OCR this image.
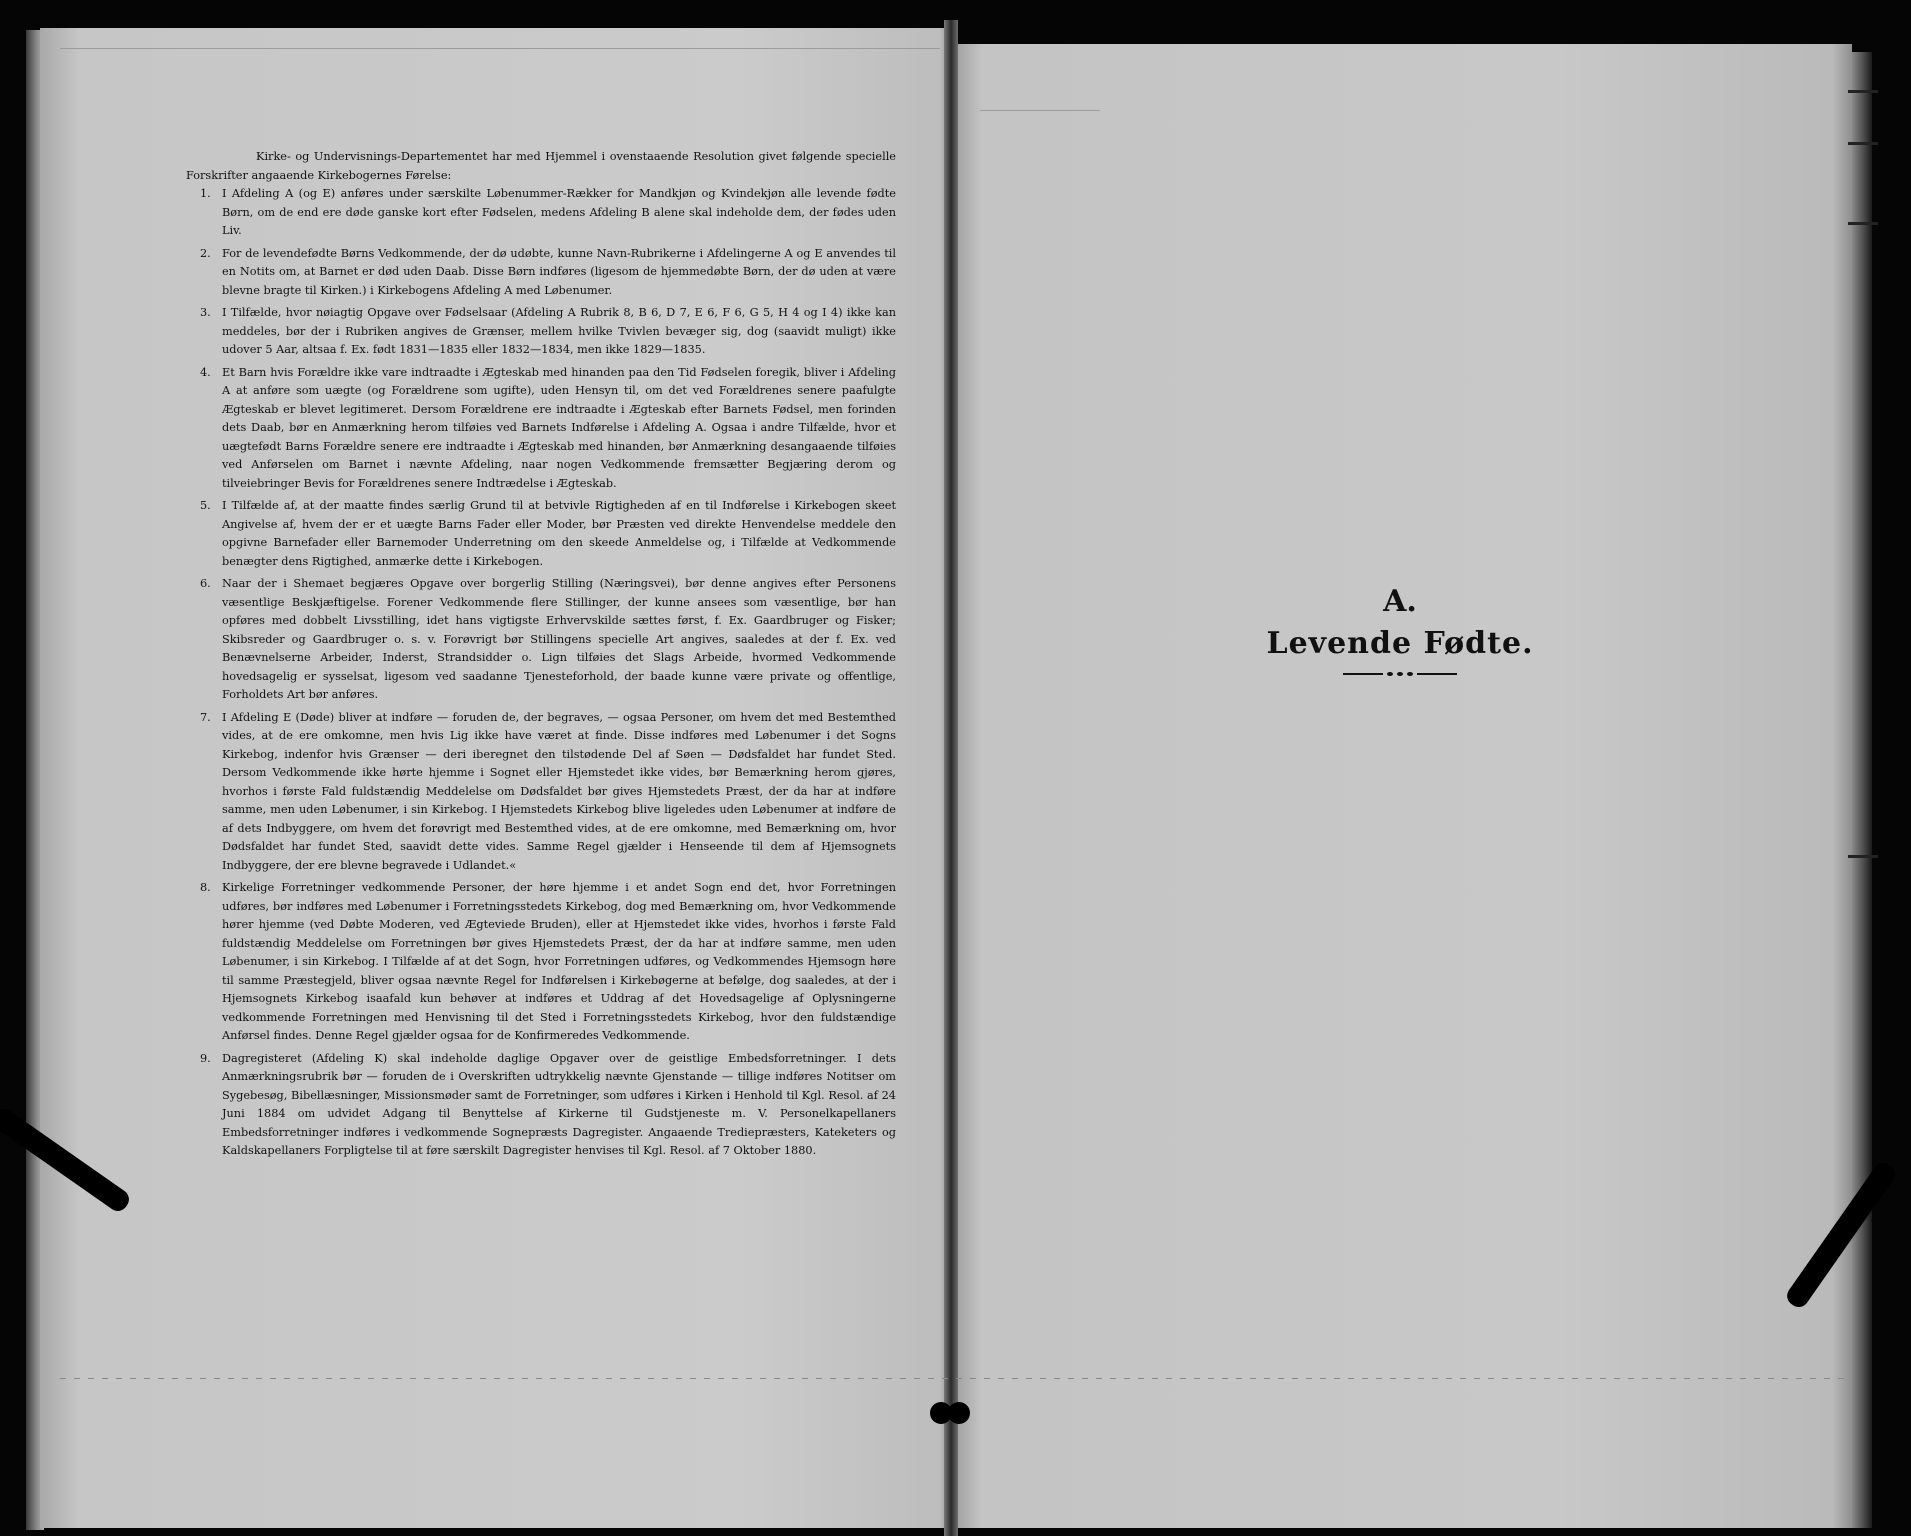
Kirke- og Undervisnings-Departementet har med Hjemmel i ovenstaaende Resolution givet følgende specielle Forskrifter angaaende Kirkebogernes Førelse:

1. I Afdeling A (og E) anføres under særskilte Løbenummer-Rækker for Mandkjøn og Kvindekjøn alle levende fødte Børn, om de end ere døde ganske kort efter Fødselen, medens Afdeling B alene skal indeholde dem, der fødes uden Liv.
2. For de levendefødte Børns Vedkommende, der dø udøbte, kunne Navn-Rubrikerne i Afdelingerne A og E anvendes til en Notits om, at Barnet er død uden Daab. Disse Børn indføres (ligesom de hjemmedøbte Børn, der dø uden at være blevne bragte til Kirken.) i Kirkebogens Afdeling A med Løbenumer.
3. I Tilfælde, hvor nøiagtig Opgave over Fødselsaar (Afdeling A Rubrik 8, B 6, D 7, E 6, F 6, G 5, H 4 og I 4) ikke kan meddeles, bør der i Rubriken angives de Grænser, mellem hvilke Tvivlen bevæger sig, dog (saavidt muligt) ikke udover 5 Aar, altsaa f. Ex. født 1831—1835 eller 1832—1834, men ikke 1829—1835.
4. Et Barn hvis Forældre ikke vare indtraadte i Ægteskab med hinanden paa den Tid Fødselen foregik, bliver i Afdeling A at anføre som uægte (og Forældrene som ugifte), uden Hensyn til, om det ved Forældrenes senere paafulgte Ægteskab er blevet legitimeret. Dersom Forældrene ere indtraadte i Ægteskab efter Barnets Fødsel, men forinden dets Daab, bør en Anmærkning herom tilføies ved Barnets Indførelse i Afdeling A. Ogsaa i andre Tilfælde, hvor et uægtefødt Barns Forældre senere ere indtraadte i Ægteskab med hinanden, bør Anmærkning desangaaende tilføies ved Anførselen om Barnet i nævnte Afdeling, naar nogen Vedkommende fremsætter Begjæring derom og tilveiebringer Bevis for Forældrenes senere Indtrædelse i Ægteskab.
5. I Tilfælde af, at der maatte findes særlig Grund til at betvivle Rigtigheden af en til Indførelse i Kirkebogen skeet Angivelse af, hvem der er et uægte Barns Fader eller Moder, bør Præsten ved direkte Henvendelse meddele den opgivne Barnefader eller Barnemoder Underretning om den skeede Anmeldelse og, i Tilfælde at Vedkommende benægter dens Rigtighed, anmærke dette i Kirkebogen.
6. Naar der i Shemaet begjæres Opgave over borgerlig Stilling (Næringsvei), bør denne angives efter Personens væsentlige Beskjæftigelse. Forener Vedkommende flere Stillinger, der kunne ansees som væsentlige, bør han opføres med dobbelt Livsstilling, idet hans vigtigste Erhvervskilde sættes først, f. Ex. Gaardbruger og Fisker; Skibsreder og Gaardbruger o. s. v. Forøvrigt bør Stillingens specielle Art angives, saaledes at der f. Ex. ved Benævnelserne Arbeider, Inderst, Strandsidder o. Lign tilføies det Slags Arbeide, hvormed Vedkommende hovedsagelig er sysselsat, ligesom ved saadanne Tjenesteforhold, der baade kunne være private og offentlige, Forholdets Art bør anføres.
7. I Afdeling E (Døde) bliver at indføre — foruden de, der begraves, — ogsaa Personer, om hvem det med Bestemthed vides, at de ere omkomne, men hvis Lig ikke have været at finde. Disse indføres med Løbenumer i det Sogns Kirkebog, indenfor hvis Grænser — deri iberegnet den tilstødende Del af Søen — Dødsfaldet har fundet Sted. Dersom Vedkommende ikke hørte hjemme i Sognet eller Hjemstedet ikke vides, bør Bemærkning herom gjøres, hvorhos i første Fald fuldstændig Meddelelse om Dødsfaldet bør gives Hjemstedets Præst, der da har at indføre samme, men uden Løbenumer, i sin Kirkebog. I Hjemstedets Kirkebog blive ligeledes uden Løbenumer at indføre de af dets Indbyggere, om hvem det forøvrigt med Bestemthed vides, at de ere omkomne, med Bemærkning om, hvor Dødsfaldet har fundet Sted, saavidt dette vides. Samme Regel gjælder i Henseende til dem af Hjemsognets Indbyggere, der ere blevne begravede i Udlandet.«
8. Kirkelige Forretninger vedkommende Personer, der høre hjemme i et andet Sogn end det, hvor Forretningen udføres, bør indføres med Løbenumer i Forretningsstedets Kirkebog, dog med Bemærkning om, hvor Vedkommende hører hjemme (ved Døbte Moderen, ved Ægteviede Bruden), eller at Hjemstedet ikke vides, hvorhos i første Fald fuldstændig Meddelelse om Forretningen bør gives Hjemstedets Præst, der da har at indføre samme, men uden Løbenumer, i sin Kirkebog. I Tilfælde af at det Sogn, hvor Forretningen udføres, og Vedkommendes Hjemsogn høre til samme Præstegjeld, bliver ogsaa nævnte Regel for Indførelsen i Kirkebøgerne at befølge, dog saaledes, at der i Hjemsognets Kirkebog isaafald kun behøver at indføres et Uddrag af det Hovedsagelige af Oplysningerne vedkommende Forretningen med Henvisning til det Sted i Forretningsstedets Kirkebog, hvor den fuldstændige Anførsel findes. Denne Regel gjælder ogsaa for de Konfirmeredes Vedkommende.
9. Dagregisteret (Afdeling K) skal indeholde daglige Opgaver over de geistlige Embedsforretninger. I dets Anmærkningsrubrik bør — foruden de i Overskriften udtrykkelig nævnte Gjenstande — tillige indføres Notitser om Sygebesøg, Bibellæsninger, Missionsmøder samt de Forretninger, som udføres i Kirken i Henhold til Kgl. Resol. af 24 Juni 1884 om udvidet Adgang til Benyttelse af Kirkerne til Gudstjeneste m. V. Personelkapellaners Embedsforretninger indføres i vedkommende Sognepræsts Dagregister. Angaaende Trediepræsters, Kateketers og Kaldskapellaners Forpligtelse til at føre særskilt Dagregister henvises til Kgl. Resol. af 7 Oktober 1880.
A.
Levende Fødte.
